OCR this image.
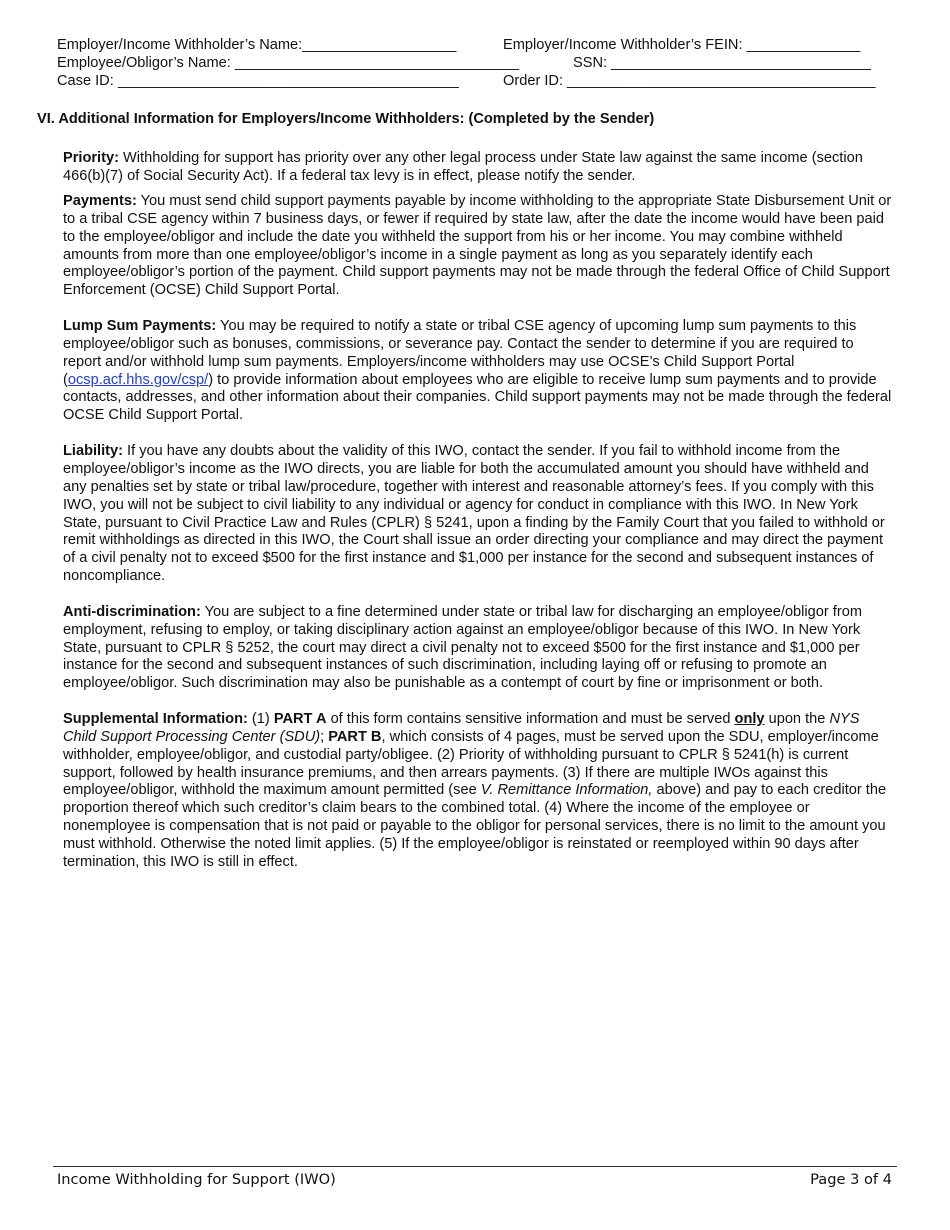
Employer/Income Withholder’s Name:___________________	Employer/Income Withholder’s FEIN: ______________
Employee/Obligor’s Name: ___________________________________	SSN: ________________________________
Case ID: __________________________________________	Order ID: ______________________________________
VI. Additional Information for Employers/Income Withholders: (Completed by the Sender)

Priority: Withholding for support has priority over any other legal process under State law against the same income (section 466(b)(7) of Social Security Act). If a federal tax levy is in effect, please notify the sender.

Payments: You must send child support payments payable by income withholding to the appropriate State Disbursement Unit or to a tribal CSE agency within 7 business days, or fewer if required by state law, after the date the income would have been paid to the employee/obligor and include the date you withheld the support from his or her income. You may combine withheld amounts from more than one employee/obligor’s income in a single payment as long as you separately identify each employee/obligor’s portion of the payment. Child support payments may not be made through the federal Office of Child Support Enforcement (OCSE) Child Support Portal.

Lump Sum Payments: You may be required to notify a state or tribal CSE agency of upcoming lump sum payments to this employee/obligor such as bonuses, commissions, or severance pay. Contact the sender to determine if you are required to report and/or withhold lump sum payments. Employers/income withholders may use OCSE’s Child Support Portal (ocsp.acf.hhs.gov/csp/) to provide information about employees who are eligible to receive lump sum payments and to provide contacts, addresses, and other information about their companies. Child support payments may not be made through the federal OCSE Child Support Portal.

Liability: If you have any doubts about the validity of this IWO, contact the sender. If you fail to withhold income from the employee/obligor’s income as the IWO directs, you are liable for both the accumulated amount you should have withheld and any penalties set by state or tribal law/procedure, together with interest and reasonable attorney’s fees. If you comply with this IWO, you will not be subject to civil liability to any individual or agency for conduct in compliance with this IWO. In New York State, pursuant to Civil Practice Law and Rules (CPLR) § 5241, upon a finding by the Family Court that you failed to withhold or remit withholdings as directed in this IWO, the Court shall issue an order directing your compliance and may direct the payment of a civil penalty not to exceed $500 for the first instance and $1,000 per instance for the second and subsequent instances of noncompliance.

Anti-discrimination: You are subject to a fine determined under state or tribal law for discharging an employee/obligor from employment, refusing to employ, or taking disciplinary action against an employee/obligor because of this IWO. In New York State, pursuant to CPLR § 5252, the court may direct a civil penalty not to exceed $500 for the first instance and $1,000 per instance for the second and subsequent instances of such discrimination, including laying off or refusing to promote an employee/obligor. Such discrimination may also be punishable as a contempt of court by fine or imprisonment or both.

Supplemental Information: (1) PART A of this form contains sensitive information and must be served only upon the NYS Child Support Processing Center (SDU); PART B, which consists of 4 pages, must be served upon the SDU, employer/income withholder, employee/obligor, and custodial party/obligee. (2) Priority of withholding pursuant to CPLR § 5241(h) is current support, followed by health insurance premiums, and then arrears payments. (3) If there are multiple IWOs against this employee/obligor, withhold the maximum amount permitted (see V. Remittance Information, above) and pay to each creditor the proportion thereof which such creditor’s claim bears to the combined total. (4) Where the income of the employee or nonemployee is compensation that is not paid or payable to the obligor for personal services, there is no limit to the amount you must withhold. Otherwise the noted limit applies. (5) If the employee/obligor is reinstated or reemployed within 90 days after termination, this IWO is still in effect.

Income Withholding for Support (IWO)	Page 3 of 4
